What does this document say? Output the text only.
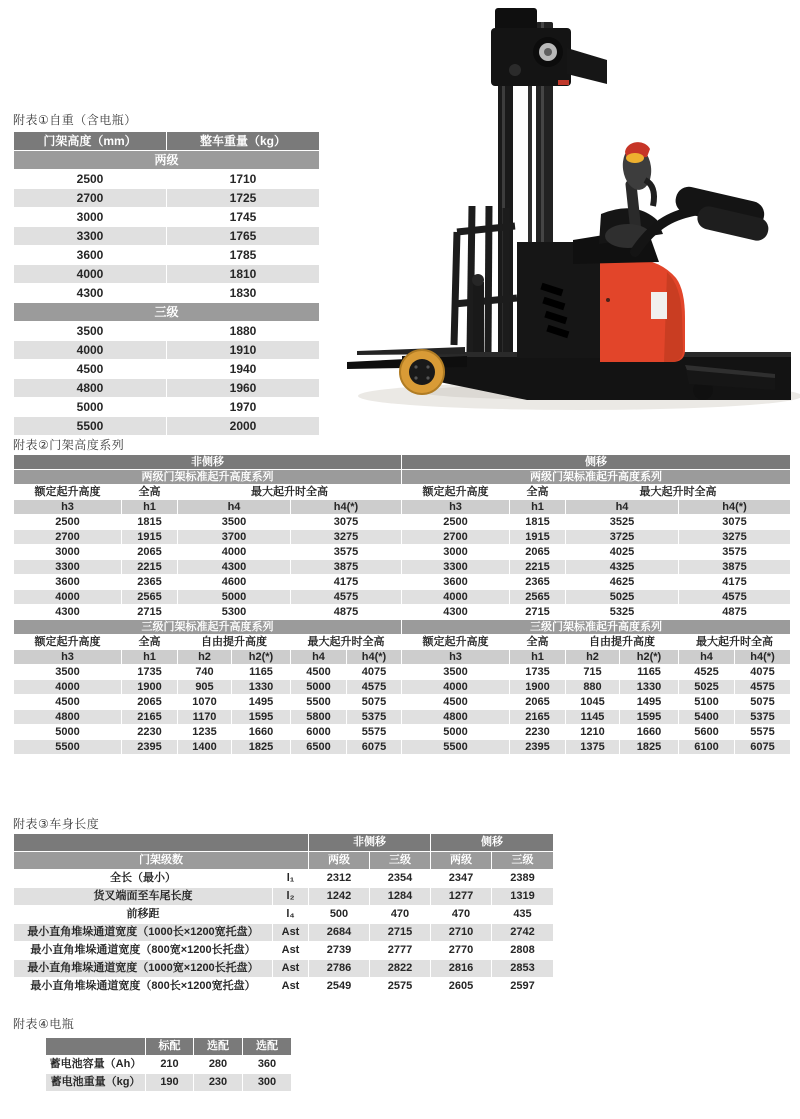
附表①自重（含电瓶）
门架高度（mm）	整车重量（kg）
两级	
2500	1710
2700	1725
3000	1745
3300	1765
3600	1785
4000	1810
4300	1830
三级	
3500	1880
4000	1910
4500	1940
4800	1960
5000	1970
5500	2000
附表②门架高度系列
非侧移						侧移					
两级门架标准起升高度系列						两级门架标准起升高度系列					
额定起升高度	全高	最大起升时全高				额定起升高度	全高	最大起升时全高			
h3	h1	h4		h4(*)		h3	h1	h4		h4(*)	
2500	1815	3500		3075		2500	1815	3525		3075	
2700	1915	3700		3275		2700	1915	3725		3275	
3000	2065	4000		3575		3000	2065	4025		3575	
3300	2215	4300		3875		3300	2215	4325		3875	
3600	2365	4600		4175		3600	2365	4625		4175	
4000	2565	5000		4575		4000	2565	5025		4575	
4300	2715	5300		4875		4300	2715	5325		4875	
三级门架标准起升高度系列						三级门架标准起升高度系列					
额定起升高度	全高	自由提升高度		最大起升时全高		额定起升高度	全高	自由提升高度		最大起升时全高	
h3	h1	h2	h2(*)	h4	h4(*)	h3	h1	h2	h2(*)	h4	h4(*)
3500	1735	740	1165	4500	4075	3500	1735	715	1165	4525	4075
4000	1900	905	1330	5000	4575	4000	1900	880	1330	5025	4575
4500	2065	1070	1495	5500	5075	4500	2065	1045	1495	5100	5075
4800	2165	1170	1595	5800	5375	4800	2165	1145	1595	5400	5375
5000	2230	1235	1660	6000	5575	5000	2230	1210	1660	5600	5575
5500	2395	1400	1825	6500	6075	5500	2395	1375	1825	6100	6075
附表③车身长度
		非侧移		侧移	
门架级数		两级	三级	两级	三级
全长（最小）	l₁	2312	2354	2347	2389
货叉端面至车尾长度	l₂	1242	1284	1277	1319
前移距	l₄	500	470	470	435
最小直角堆垛通道宽度（1000长×1200宽托盘）	Ast	2684	2715	2710	2742
最小直角堆垛通道宽度（800宽×1200长托盘）	Ast	2739	2777	2770	2808
最小直角堆垛通道宽度（1000宽×1200长托盘）	Ast	2786	2822	2816	2853
最小直角堆垛通道宽度（800长×1200宽托盘）	Ast	2549	2575	2605	2597
附表④电瓶
	标配	选配	选配
蓄电池容量（Ah）	210	280	360
蓄电池重量（kg）	190	230	300
